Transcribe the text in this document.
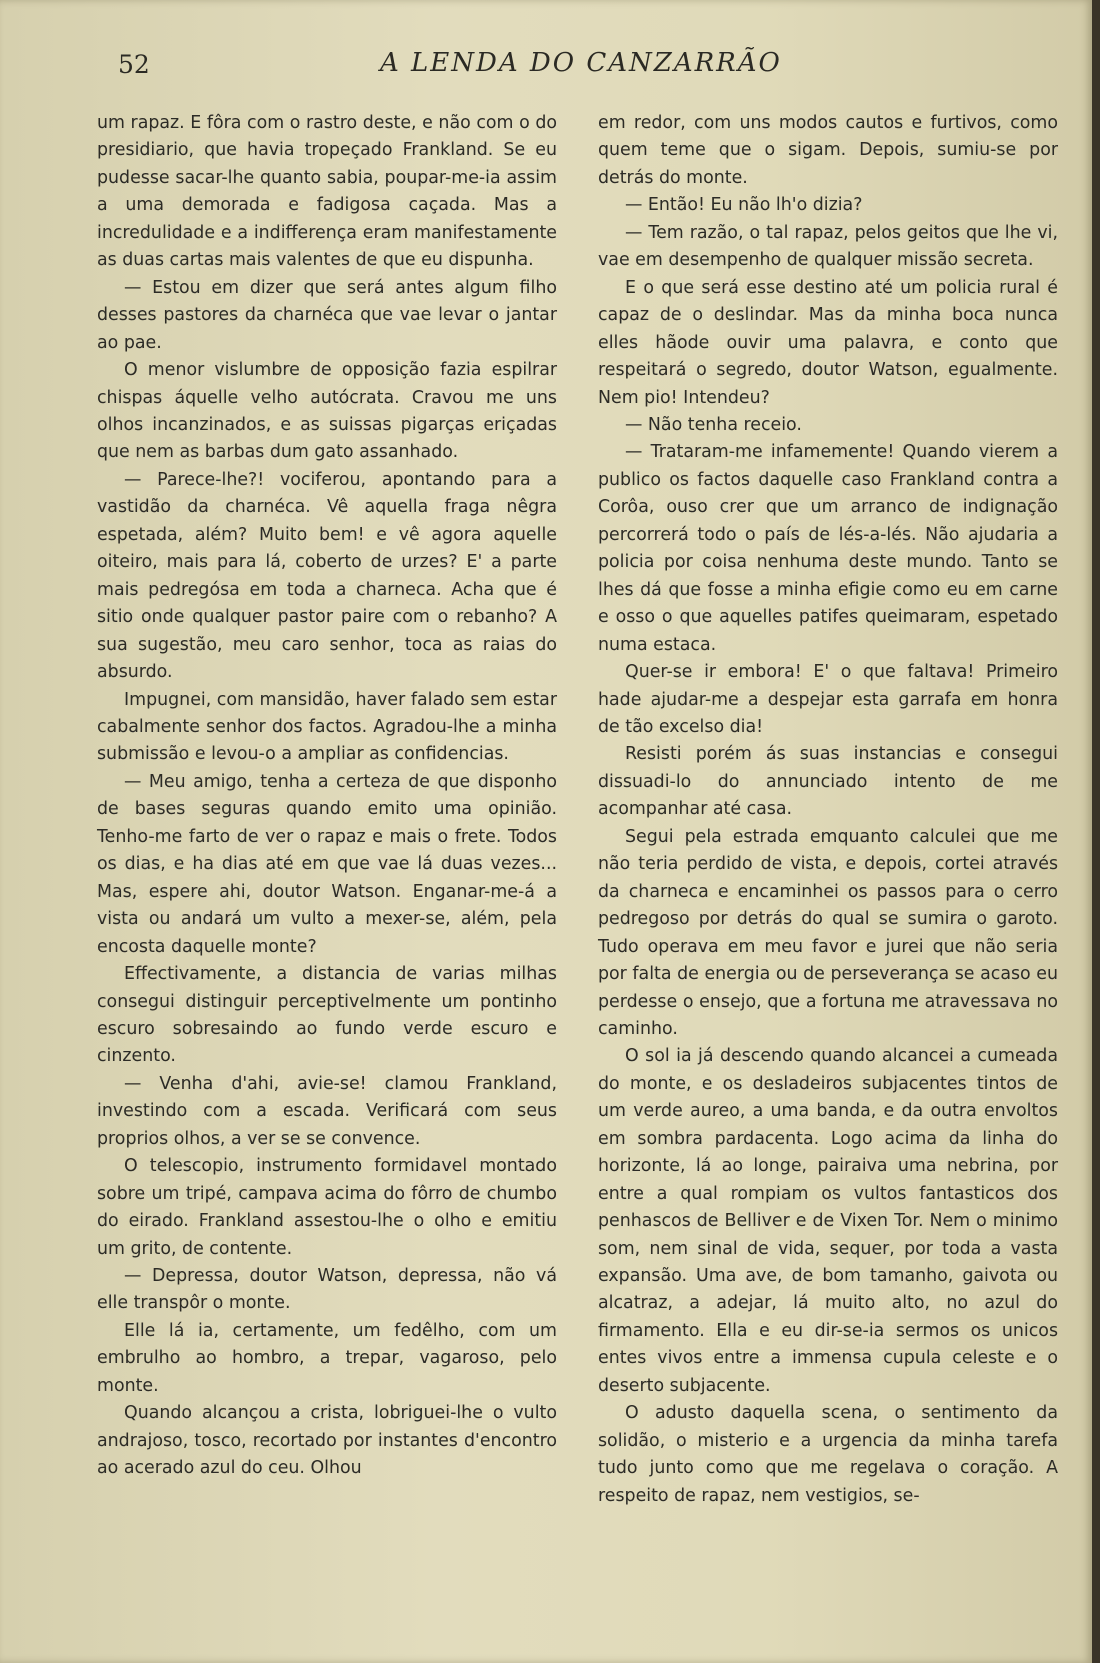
52	A LENDA DO CANZARRÃO

um rapaz. E fôra com o rastro deste, e não com o do presidiario, que havia tropeçado Frankland. Se eu pudesse sacar-lhe quanto sabia, poupar-me-ia assim a uma demorada e fadigosa caçada. Mas a incredulidade e a indifferença eram manifestamente as duas cartas mais valentes de que eu dispunha.

— Estou em dizer que será antes algum filho desses pastores da charnéca que vae levar o jantar ao pae.

O menor vislumbre de opposição fazia espilrar chispas áquelle velho autócrata. Cravou me uns olhos incanzinados, e as suissas pigarças eriçadas que nem as barbas dum gato assanhado.

— Parece-lhe?! vociferou, apontando para a vastidão da charnéca. Vê aquella fraga nêgra espetada, além? Muito bem! e vê agora aquelle oiteiro, mais para lá, coberto de urzes? E' a parte mais pedregósa em toda a charneca. Acha que é sitio onde qualquer pastor paire com o rebanho? A sua sugestão, meu caro senhor, toca as raias do absurdo.

Impugnei, com mansidão, haver falado sem estar cabalmente senhor dos factos. Agradou-lhe a minha submissão e levou-o a ampliar as confidencias.

— Meu amigo, tenha a certeza de que disponho de bases seguras quando emito uma opinião. Tenho-me farto de ver o rapaz e mais o frete. Todos os dias, e ha dias até em que vae lá duas vezes... Mas, espere ahi, doutor Watson. Enganar-me-á a vista ou andará um vulto a mexer-se, além, pela encosta daquelle monte?

Effectivamente, a distancia de varias milhas consegui distinguir perceptivelmente um pontinho escuro sobresaindo ao fundo verde escuro e cinzento.

— Venha d'ahi, avie-se! clamou Frankland, investindo com a escada. Verificará com seus proprios olhos, a ver se se convence.

O telescopio, instrumento formidavel montado sobre um tripé, campava acima do fôrro de chumbo do eirado. Frankland assestou-lhe o olho e emitiu um grito, de contente.

— Depressa, doutor Watson, depressa, não vá elle transpôr o monte.

Elle lá ia, certamente, um fedêlho, com um embrulho ao hombro, a trepar, vagaroso, pelo monte.

Quando alcançou a crista, lobriguei-lhe o vulto andrajoso, tosco, recortado por instantes d'encontro ao acerado azul do ceu. Olhou

em redor, com uns modos cautos e furtivos, como quem teme que o sigam. Depois, sumiu-se por detrás do monte.

— Então! Eu não lh'o dizia?

— Tem razão, o tal rapaz, pelos geitos que lhe vi, vae em desempenho de qualquer missão secreta.

E o que será esse destino até um policia rural é capaz de o deslindar. Mas da minha boca nunca elles hãode ouvir uma palavra, e conto que respeitará o segredo, doutor Watson, egualmente. Nem pio! Intendeu?

— Não tenha receio.

— Trataram-me infamemente! Quando vierem a publico os factos daquelle caso Frankland contra a Corôa, ouso crer que um arranco de indignação percorrerá todo o país de lés-a-lés. Não ajudaria a policia por coisa nenhuma deste mundo. Tanto se lhes dá que fosse a minha efigie como eu em carne e osso o que aquelles patifes queimaram, espetado numa estaca.

Quer-se ir embora! E' o que faltava! Primeiro hade ajudar-me a despejar esta garrafa em honra de tão excelso dia!

Resisti porém ás suas instancias e consegui dissuadi-lo do annunciado intento de me acompanhar até casa.

Segui pela estrada emquanto calculei que me não teria perdido de vista, e depois, cortei através da charneca e encaminhei os passos para o cerro pedregoso por detrás do qual se sumira o garoto. Tudo operava em meu favor e jurei que não seria por falta de energia ou de perseverança se acaso eu perdesse o ensejo, que a fortuna me atravessava no caminho.

O sol ia já descendo quando alcancei a cumeada do monte, e os desladeiros subjacentes tintos de um verde aureo, a uma banda, e da outra envoltos em sombra pardacenta. Logo acima da linha do horizonte, lá ao longe, pairaiva uma nebrina, por entre a qual rompiam os vultos fantasticos dos penhascos de Belliver e de Vixen Tor. Nem o minimo som, nem sinal de vida, sequer, por toda a vasta expansão. Uma ave, de bom tamanho, gaivota ou alcatraz, a adejar, lá muito alto, no azul do firmamento. Ella e eu dir-se-ia sermos os unicos entes vivos entre a immensa cupula celeste e o deserto subjacente.

O adusto daquella scena, o sentimento da solidão, o misterio e a urgencia da minha tarefa tudo junto como que me regelava o coração. A respeito de rapaz, nem vestigios, se-
